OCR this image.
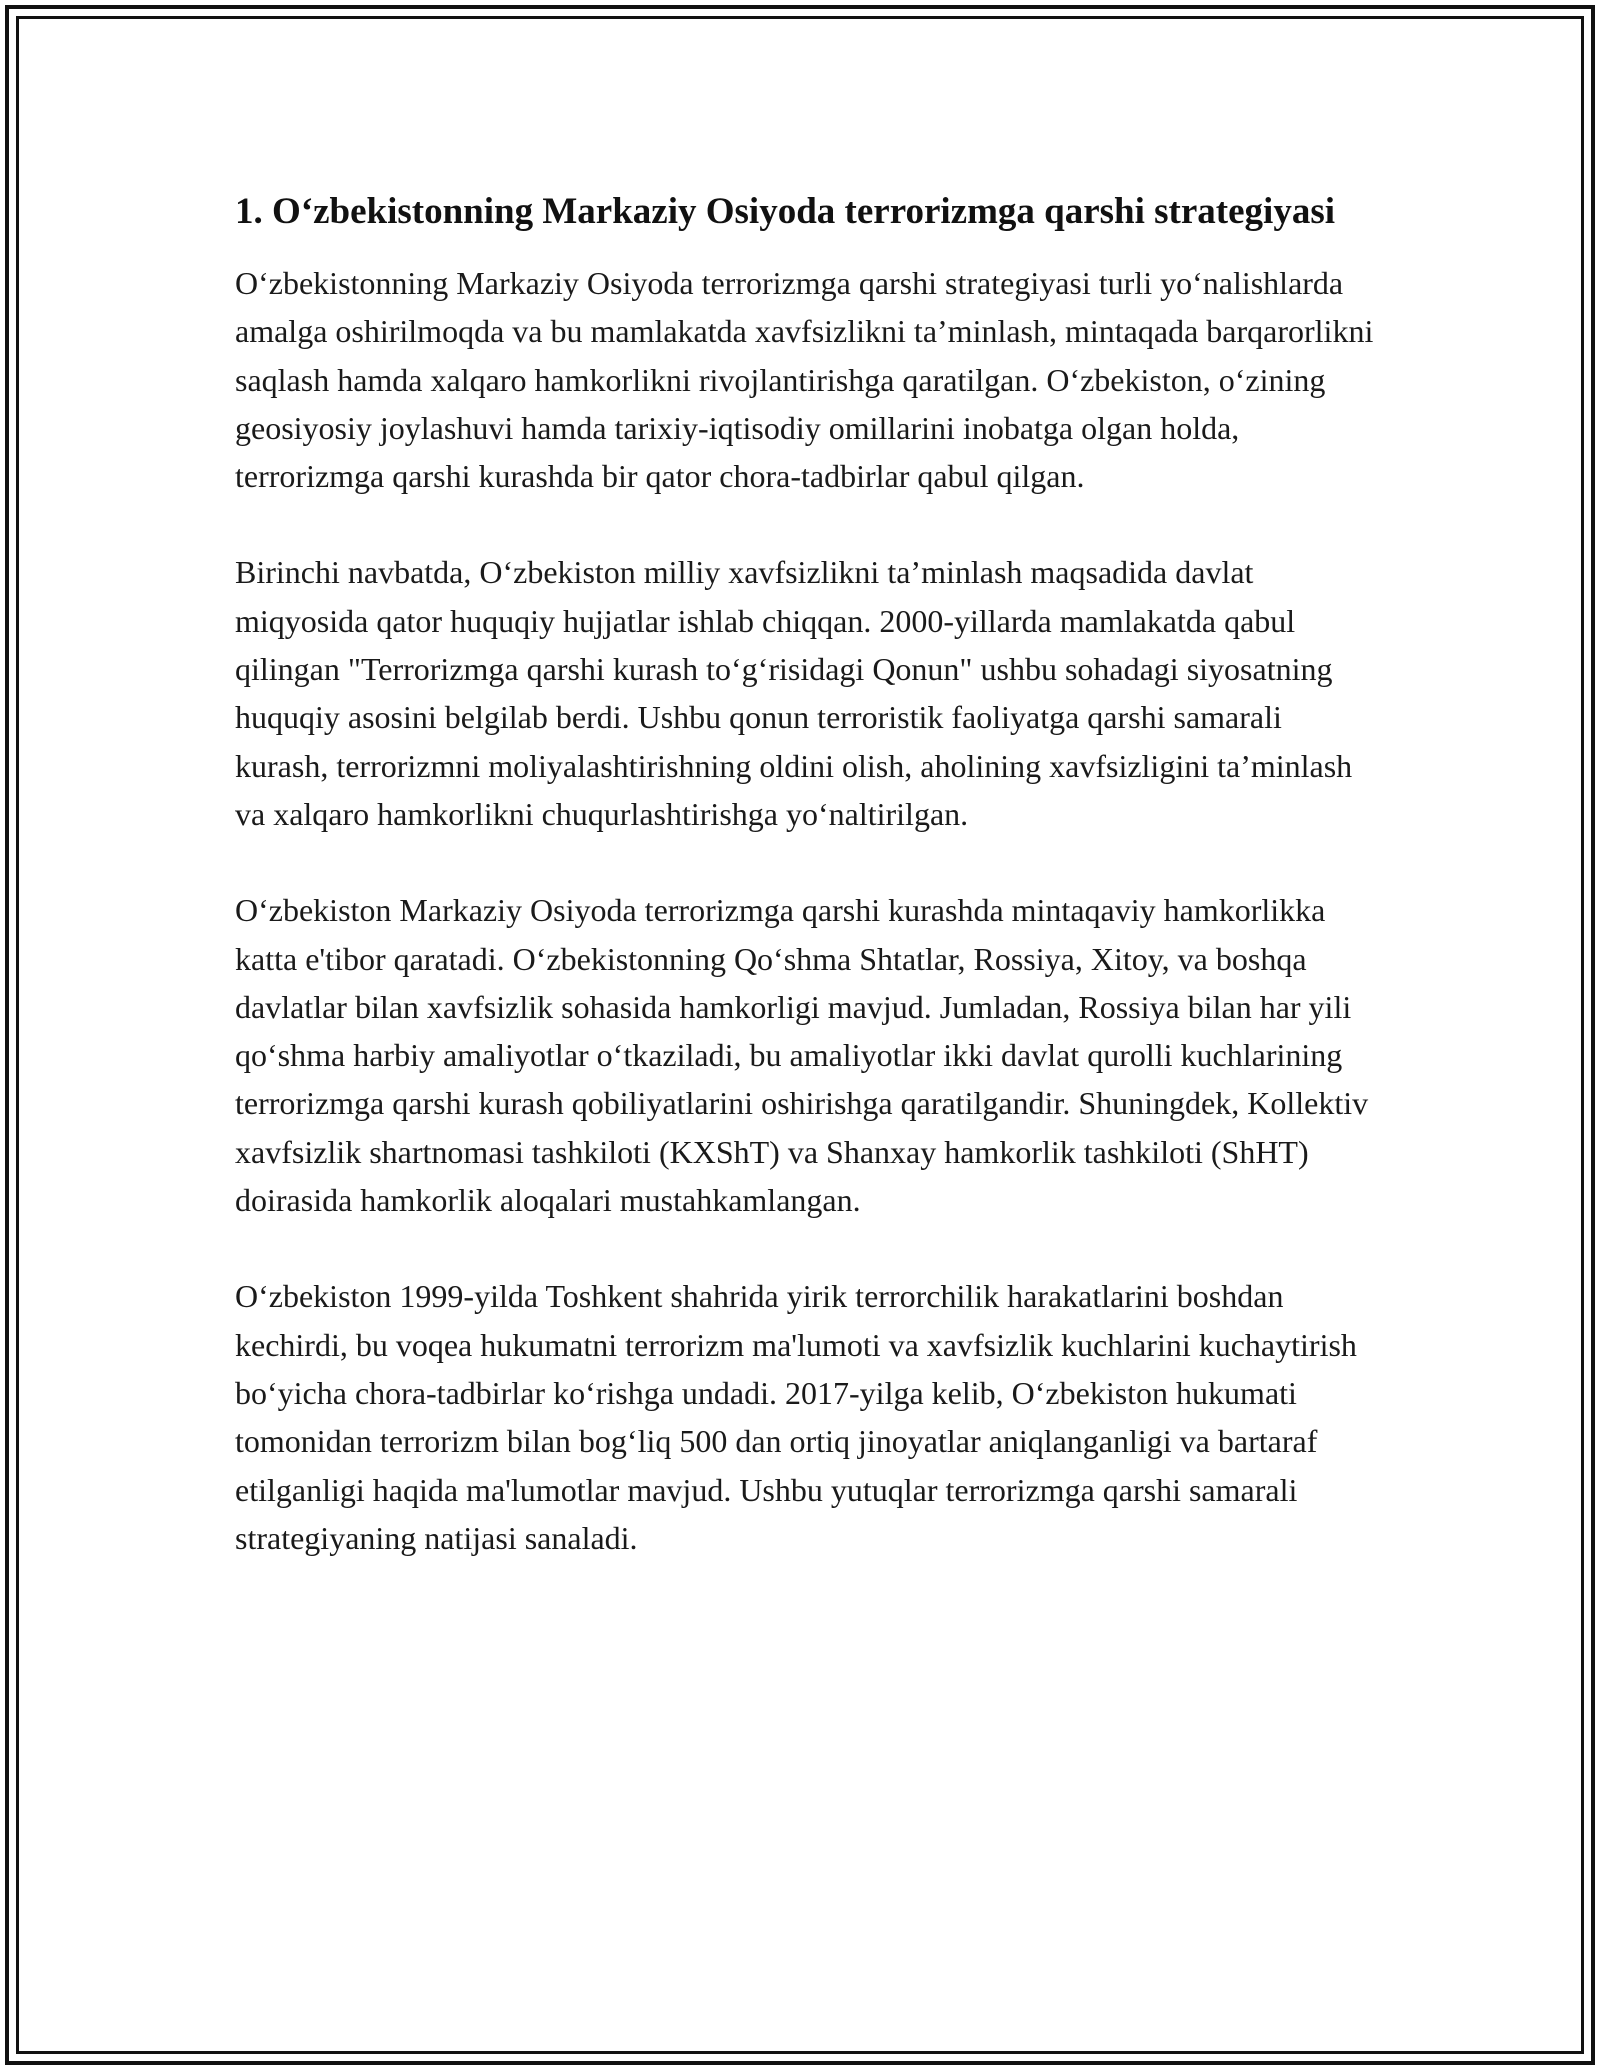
1. O‘zbekistonning Markaziy Osiyoda terrorizmga qarshi strategiyasi

O‘zbekistonning Markaziy Osiyoda terrorizmga qarshi strategiyasi turli yo‘nalishlarda amalga oshirilmoqda va bu mamlakatda xavfsizlikni ta’minlash, mintaqada barqarorlikni saqlash hamda xalqaro hamkorlikni rivojlantirishga qaratilgan. O‘zbekiston, o‘zining geosiyosiy joylashuvi hamda tarixiy-iqtisodiy omillarini inobatga olgan holda, terrorizmga qarshi kurashda bir qator chora-tadbirlar qabul qilgan.

Birinchi navbatda, O‘zbekiston milliy xavfsizlikni ta’minlash maqsadida davlat miqyosida qator huquqiy hujjatlar ishlab chiqqan. 2000-yillarda mamlakatda qabul qilingan "Terrorizmga qarshi kurash to‘g‘risidagi Qonun" ushbu sohadagi siyosatning huquqiy asosini belgilab berdi. Ushbu qonun terroristik faoliyatga qarshi samarali kurash, terrorizmni moliyalashtirishning oldini olish, aholining xavfsizligini ta’minlash va xalqaro hamkorlikni chuqurlashtirishga yo‘naltirilgan.

O‘zbekiston Markaziy Osiyoda terrorizmga qarshi kurashda mintaqaviy hamkorlikka katta e'tibor qaratadi. O‘zbekistonning Qo‘shma Shtatlar, Rossiya, Xitoy, va boshqa davlatlar bilan xavfsizlik sohasida hamkorligi mavjud. Jumladan, Rossiya bilan har yili qo‘shma harbiy amaliyotlar o‘tkaziladi, bu amaliyotlar ikki davlat qurolli kuchlarining terrorizmga qarshi kurash qobiliyatlarini oshirishga qaratilgandir. Shuningdek, Kollektiv xavfsizlik shartnomasi tashkiloti (KXShT) va Shanxay hamkorlik tashkiloti (ShHT) doirasida hamkorlik aloqalari mustahkamlangan.

O‘zbekiston 1999-yilda Toshkent shahrida yirik terrorchilik harakatlarini boshdan kechirdi, bu voqea hukumatni terrorizm ma'lumoti va xavfsizlik kuchlarini kuchaytirish bo‘yicha chora-tadbirlar ko‘rishga undadi. 2017-yilga kelib, O‘zbekiston hukumati tomonidan terrorizm bilan bog‘liq 500 dan ortiq jinoyatlar aniqlanganligi va bartaraf etilganligi haqida ma'lumotlar mavjud. Ushbu yutuqlar terrorizmga qarshi samarali strategiyaning natijasi sanaladi.
